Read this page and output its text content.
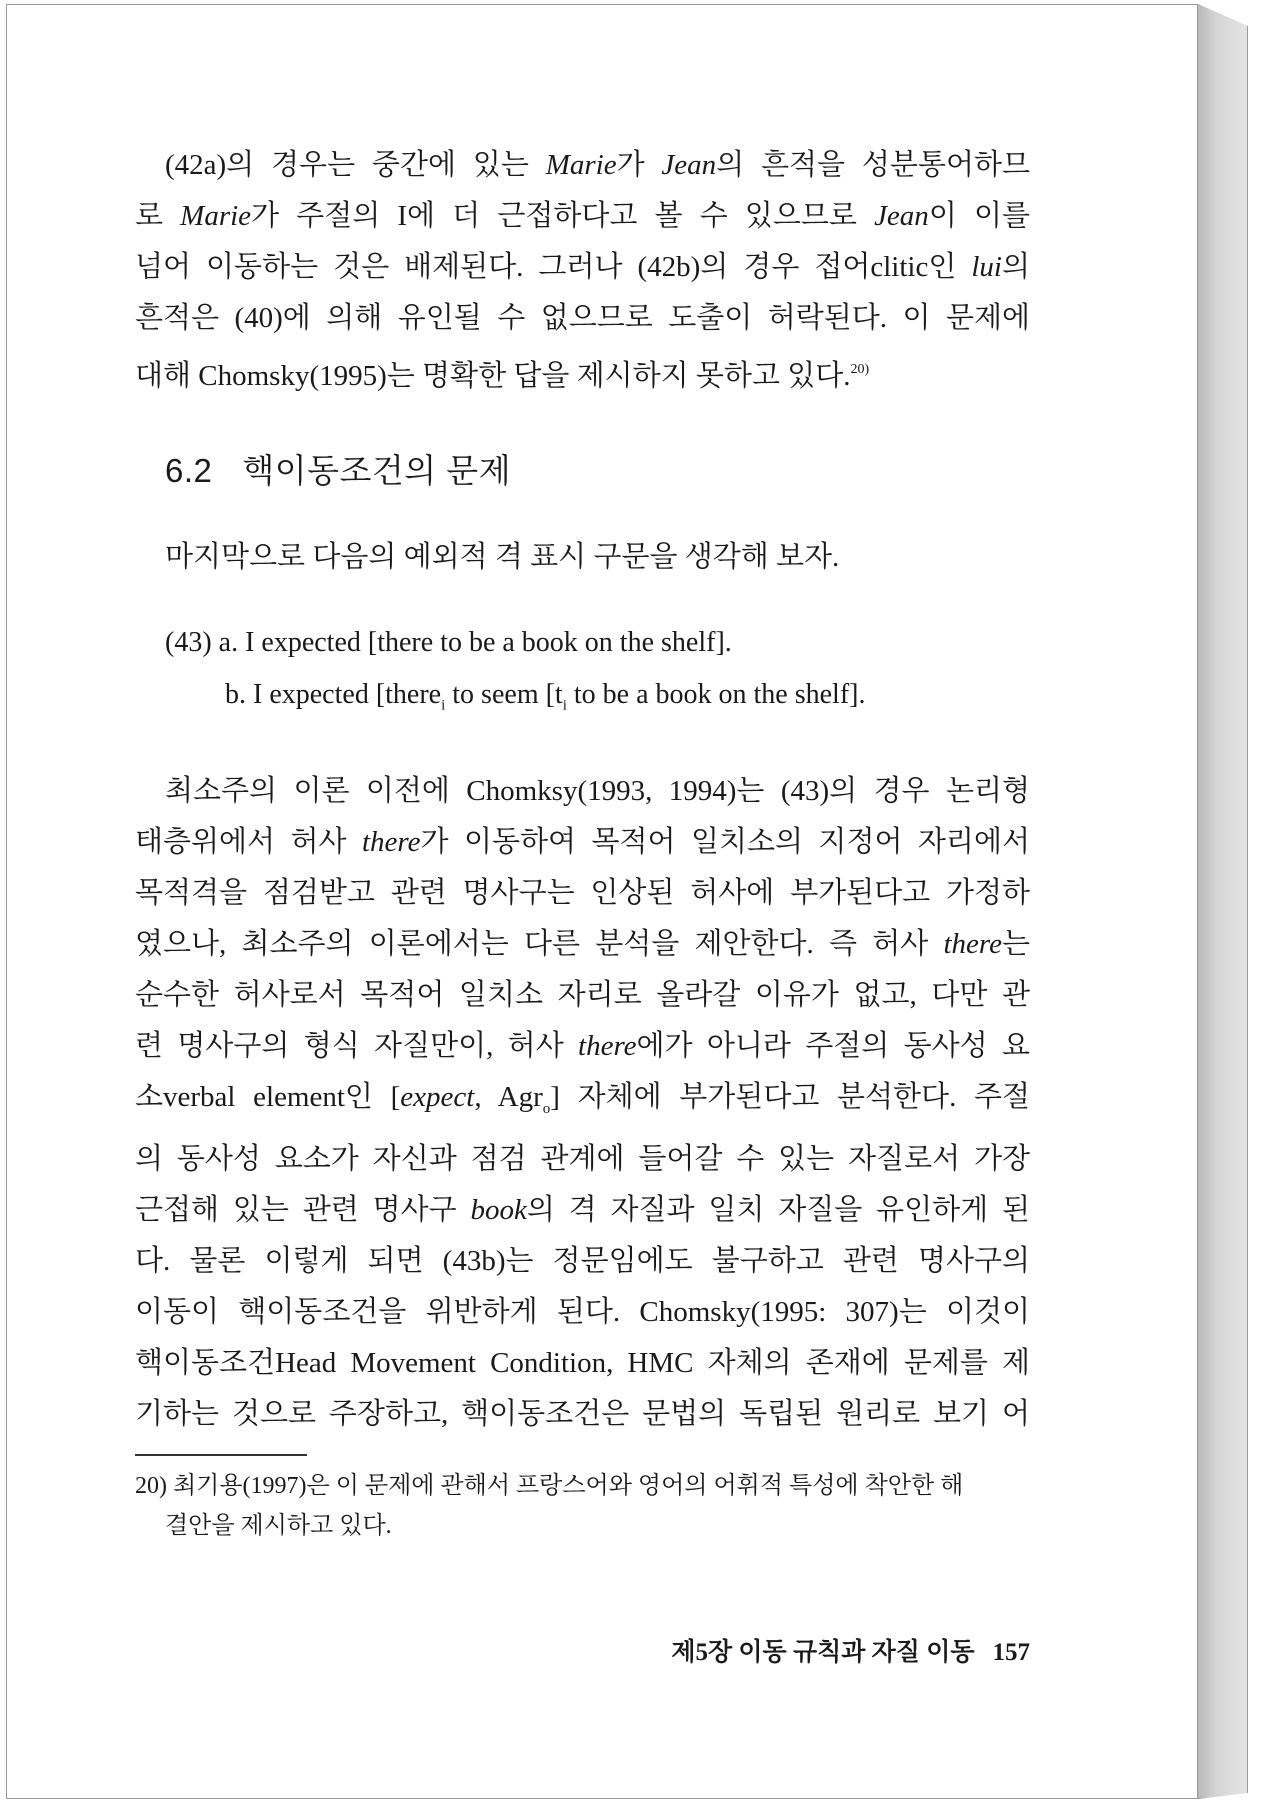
(42a)의 경우는 중간에 있는 Marie가 Jean의 흔적을 성분통어하므
로 Marie가 주절의 I에 더 근접하다고 볼 수 있으므로 Jean이 이를
넘어 이동하는 것은 배제된다. 그러나 (42b)의 경우 접어clitic인 lui의
흔적은 (40)에 의해 유인될 수 없으므로 도출이 허락된다. 이 문제에
대해 Chomsky(1995)는 명확한 답을 제시하지 못하고 있다.$^{20)}$

6.2 핵이동조건의 문제
마지막으로 다음의 예외적 격 표시 구문을 생각해 보자.
(43) a. I expected [there to be a book on the shelf].
b. I expected [there$_i$ to seem [$t_i$ to be a book on the shelf].

최소주의 이론 이전에 Chomksy(1993, 1994)는 (43)의 경우 논리형
태층위에서 허사 there가 이동하여 목적어 일치소의 지정어 자리에서
목적격을 점검받고 관련 명사구는 인상된 허사에 부가된다고 가정하
였으나, 최소주의 이론에서는 다른 분석을 제안한다. 즉 허사 there는
순수한 허사로서 목적어 일치소 자리로 올라갈 이유가 없고, 다만 관
련 명사구의 형식 자질만이, 허사 there에가 아니라 주절의 동사성 요
소verbal element인 [expect, Agr$_o$] 자체에 부가된다고 분석한다. 주절
의 동사성 요소가 자신과 점검 관계에 들어갈 수 있는 자질로서 가장
근접해 있는 관련 명사구 book의 격 자질과 일치 자질을 유인하게 된
다. 물론 이렇게 되면 (43b)는 정문임에도 불구하고 관련 명사구의
이동이 핵이동조건을 위반하게 된다. Chomsky(1995: 307)는 이것이
핵이동조건Head Movement Condition, HMC 자체의 존재에 문제를 제
기하는 것으로 주장하고, 핵이동조건은 문법의 독립된 원리로 보기 어

20) 최기용(1997)은 이 문제에 관해서 프랑스어와 영어의 어휘적 특성에 착안한 해
결안을 제시하고 있다.
제5장 이동 규칙과 자질 이동 157
